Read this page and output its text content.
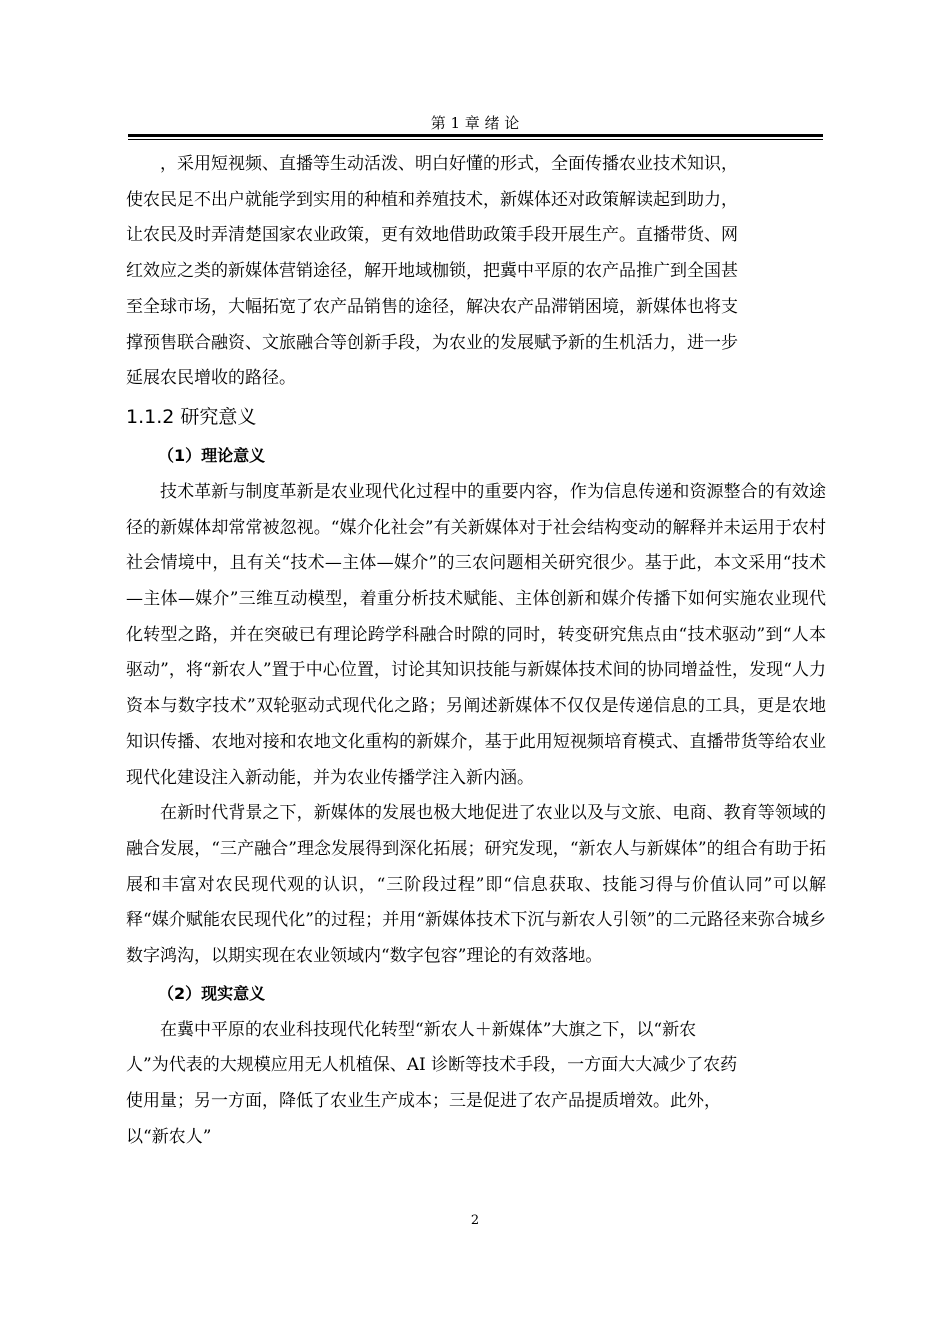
第 1 章 绪 论
，采用短视频、直播等生动活泼、明白好懂的形式，全面传播农业技术知识，
使农民足不出户就能学到实用的种植和养殖技术，新媒体还对政策解读起到助力，
让农民及时弄清楚国家农业政策，更有效地借助政策手段开展生产。直播带货、网
红效应之类的新媒体营销途径，解开地域枷锁，把冀中平原的农产品推广到全国甚
至全球市场，大幅拓宽了农产品销售的途径，解决农产品滞销困境，新媒体也将支
撑预售联合融资、文旅融合等创新手段，为农业的发展赋予新的生机活力，进一步
延展农民增收的路径。
1.1.2 研究意义
（1）理论意义

技术革新与制度革新是农业现代化过程中的重要内容，作为信息传递和资源整合的有效途径的新媒体却常常被忽视。“媒介化社会”有关新媒体对于社会结构变动的解释并未运用于农村社会情境中，且有关“技术—主体—媒介”的三农问题相关研究很少。基于此，本文采用“技术—主体—媒介”三维互动模型，着重分析技术赋能、主体创新和媒介传播下如何实施农业现代化转型之路，并在突破已有理论跨学科融合时隙的同时，转变研究焦点由“技术驱动”到“人本驱动”，将“新农人”置于中心位置，讨论其知识技能与新媒体技术间的协同增益性，发现“人力资本与数字技术”双轮驱动式现代化之路；另阐述新媒体不仅仅是传递信息的工具，更是农地知识传播、农地对接和农地文化重构的新媒介，基于此用短视频培育模式、直播带货等给农业现代化建设注入新动能，并为农业传播学注入新内涵。

在新时代背景之下，新媒体的发展也极大地促进了农业以及与文旅、电商、教育等领域的融合发展，“三产融合”理念发展得到深化拓展；研究发现，“新农人与新媒体”的组合有助于拓展和丰富对农民现代观的认识，“三阶段过程”即“信息获取、技能习得与价值认同”可以解释“媒介赋能农民现代化”的过程；并用“新媒体技术下沉与新农人引领”的二元路径来弥合城乡数字鸿沟，以期实现在农业领域内“数字包容”理论的有效落地。

（2）现实意义
在冀中平原的农业科技现代化转型“新农人＋新媒体”大旗之下，以“新农
人”为代表的大规模应用无人机植保、AI 诊断等技术手段，一方面大大减少了农药
使用量；另一方面，降低了农业生产成本；三是促进了农产品提质增效。此外，
以“新农人”
2
